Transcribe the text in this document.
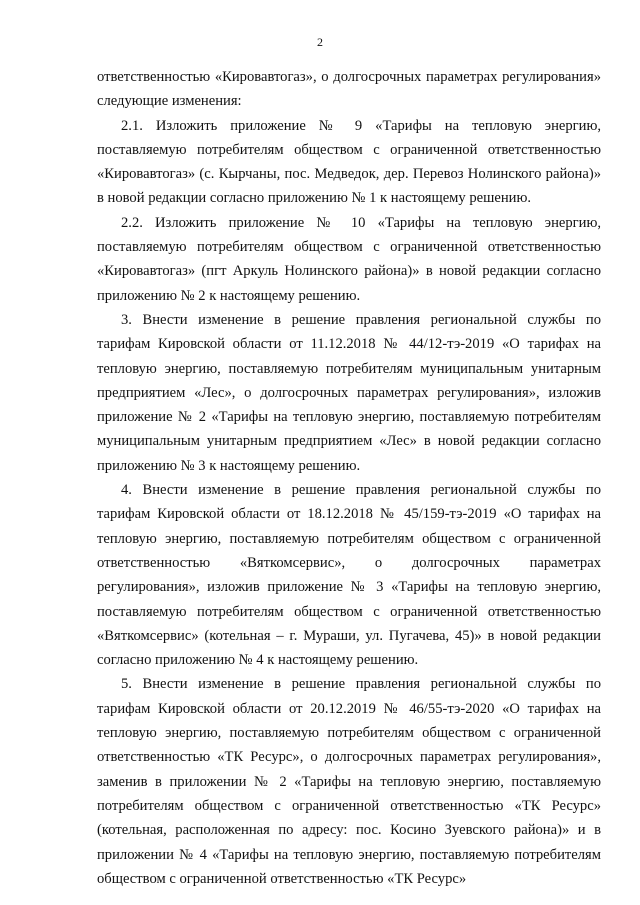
2

ответственностью «Кировавтогаз», о долгосрочных параметрах регулирования» следующие изменения:

2.1. Изложить приложение № 9 «Тарифы на тепловую энергию, поставляемую потребителям обществом с ограниченной ответственностью «Кировавтогаз» (с. Кырчаны, пос. Медведок, дер. Перевоз Нолинского района)» в новой редакции согласно приложению № 1 к настоящему решению.

2.2. Изложить приложение № 10 «Тарифы на тепловую энергию, поставляемую потребителям обществом с ограниченной ответственностью «Кировавтогаз» (пгт Аркуль Нолинского района)» в новой редакции согласно приложению № 2 к настоящему решению.

3. Внести изменение в решение правления региональной службы по тарифам Кировской области от 11.12.2018 № 44/12-тэ-2019 «О тарифах на тепловую энергию, поставляемую потребителям муниципальным унитарным предприятием «Лес», о долгосрочных параметрах регулирования», изложив приложение № 2 «Тарифы на тепловую энергию, поставляемую потребителям муниципальным унитарным предприятием «Лес» в новой редакции согласно приложению № 3 к настоящему решению.

4. Внести изменение в решение правления региональной службы по тарифам Кировской области от 18.12.2018 № 45/159-тэ-2019 «О тарифах на тепловую энергию, поставляемую потребителям обществом с ограниченной ответственностью «Вяткомсервис», о долгосрочных параметрах регулирования», изложив приложение № 3 «Тарифы на тепловую энергию, поставляемую потребителям обществом с ограниченной ответственностью «Вяткомсервис» (котельная – г. Мураши, ул. Пугачева, 45)» в новой редакции согласно приложению № 4 к настоящему решению.

5. Внести изменение в решение правления региональной службы по тарифам Кировской области от 20.12.2019 № 46/55-тэ-2020 «О тарифах на тепловую энергию, поставляемую потребителям обществом с ограниченной ответственностью «ТК Ресурс», о долгосрочных параметрах регулирования», заменив в приложении № 2 «Тарифы на тепловую энергию, поставляемую потребителям обществом с ограниченной ответственностью «ТК Ресурс» (котельная, расположенная по адресу: пос. Косино Зуевского района)» и в приложении № 4 «Тарифы на тепловую энергию, поставляемую потребителям обществом с ограниченной ответственностью «ТК Ресурс»
